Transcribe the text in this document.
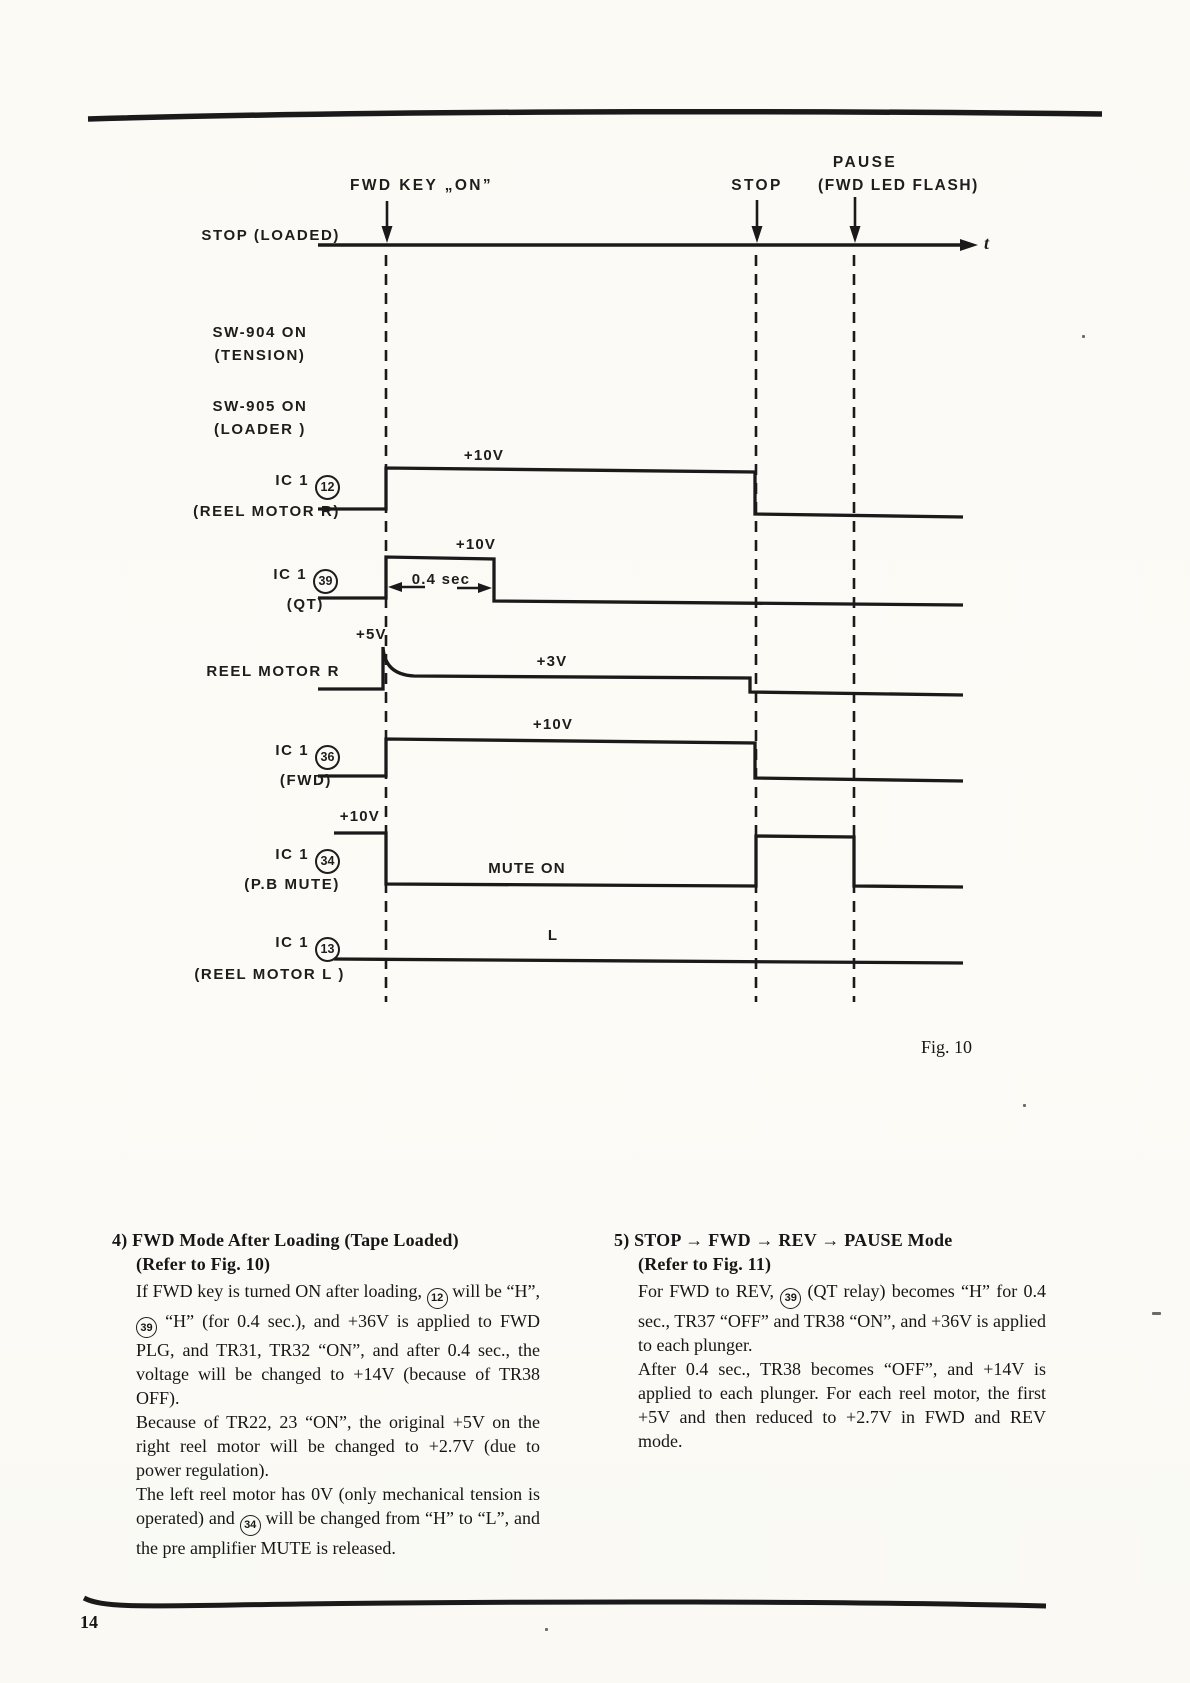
FWD KEY „ON”	STOP
PAUSE
(FWD LED FLASH)
t
STOP (LOADED)
SW-904 ON
(TENSION)
SW-905 ON
(LOADER )
IC 1 12
(REEL MOTOR R)
IC 1 39
(QT)
REEL MOTOR R
IC 1 36
(FWD)
IC 1 34
(P.B MUTE)
IC 1 13
(REEL MOTOR L )
+10V
+10V
0.4 sec
+5V
+3V
+10V
+10V
MUTE ON
L
Fig. 10
4) FWD Mode After Loading (Tape Loaded)
(Refer to Fig. 10)

If FWD key is turned ON after loading, 12 will be “H”, 39 “H” (for 0.4 sec.), and +36V is applied to FWD PLG, and TR31, TR32 “ON”, and after 0.4 sec., the voltage will be changed to +14V (because of TR38 OFF).

Because of TR22, 23 “ON”, the original +5V on the right reel motor will be changed to +2.7V (due to power regulation).

The left reel motor has 0V (only mechanical tension is operated) and 34 will be changed from “H” to “L”, and the pre amplifier MUTE is released.

5) STOP → FWD → REV → PAUSE Mode
(Refer to Fig. 11)

For FWD to REV, 39 (QT relay) becomes “H” for 0.4 sec., TR37 “OFF” and TR38 “ON”, and +36V is applied to each plunger.

After 0.4 sec., TR38 becomes “OFF”, and +14V is applied to each plunger. For each reel motor, the first +5V and then reduced to +2.7V in FWD and REV mode.

14
